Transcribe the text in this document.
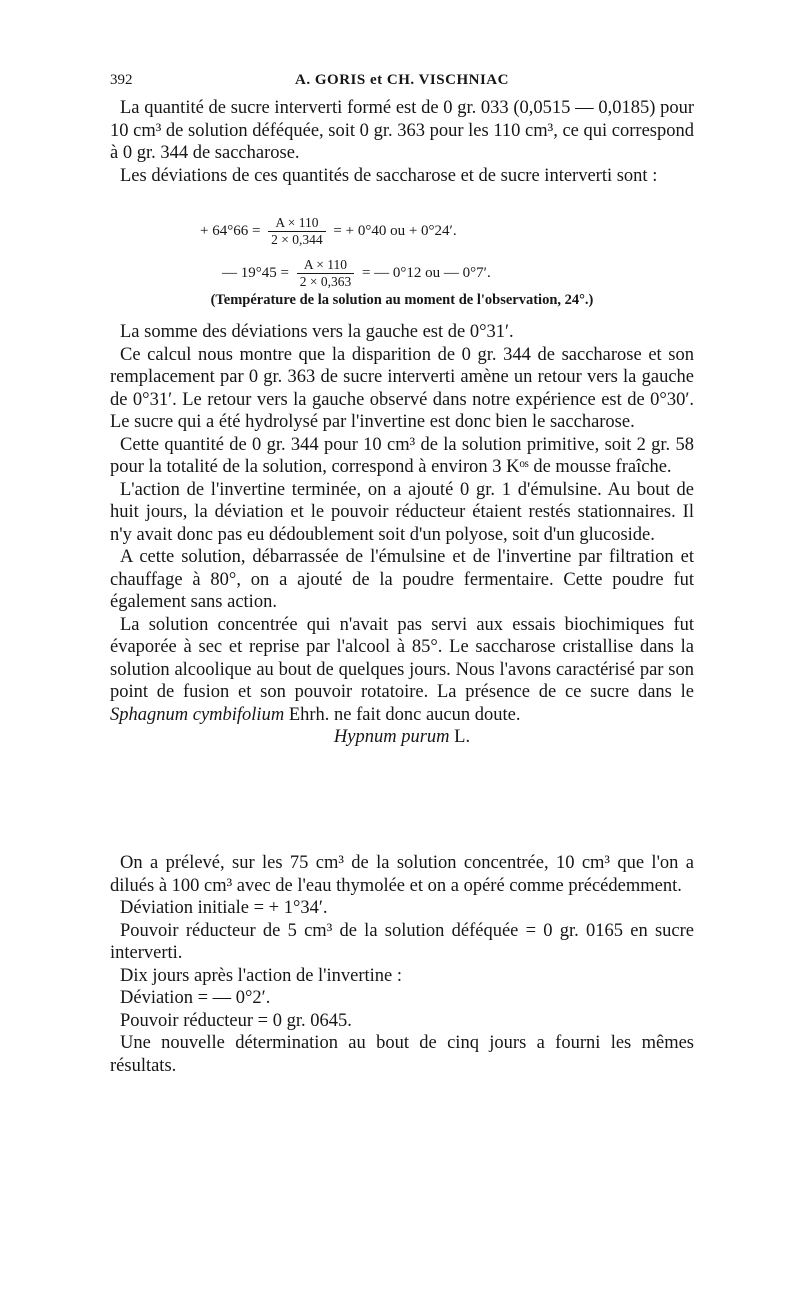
392	A. GORIS et CH. VISCHNIAC

La quantité de sucre interverti formé est de 0 gr. 033 (0,0515 — 0,0185) pour 10 cm³ de solution déféquée, soit 0 gr. 363 pour les 110 cm³, ce qui correspond à 0 gr. 344 de saccharose.

Les déviations de ces quantités de saccharose et de sucre interverti sont :

+ $64^\circ 66 = \frac{A \times 110}{2 \times 0,344}$ = + 0°40 ou + 0°24′.
— $19^\circ 45 = \frac{A \times 110}{2 \times 0,363}$ = — 0°12 ou — 0°7′.
(Température de la solution au moment de l'observation, 24°.)

La somme des déviations vers la gauche est de 0°31′.

Ce calcul nous montre que la disparition de 0 gr. 344 de saccharose et son remplacement par 0 gr. 363 de sucre interverti amène un retour vers la gauche de 0°31′. Le retour vers la gauche observé dans notre expérience est de 0°30′. Le sucre qui a été hydrolysé par l'invertine est donc bien le saccharose.

Cette quantité de 0 gr. 344 pour 10 cm³ de la solution primitive, soit 2 gr. 58 pour la totalité de la solution, correspond à environ 3 Kᵒˢ de mousse fraîche.

L'action de l'invertine terminée, on a ajouté 0 gr. 1 d'émulsine. Au bout de huit jours, la déviation et le pouvoir réducteur étaient restés stationnaires. Il n'y avait donc pas eu dédoublement soit d'un polyose, soit d'un glucoside.

A cette solution, débarrassée de l'émulsine et de l'invertine par filtration et chauffage à 80°, on a ajouté de la poudre fermentaire. Cette poudre fut également sans action.

La solution concentrée qui n'avait pas servi aux essais biochimiques fut évaporée à sec et reprise par l'alcool à 85°. Le saccharose cristallise dans la solution alcoolique au bout de quelques jours. Nous l'avons caractérisé par son point de fusion et son pouvoir rotatoire. La présence de ce sucre dans le Sphagnum cymbifolium Ehrh. ne fait donc aucun doute.

Hypnum purum L.

On a prélevé, sur les 75 cm³ de la solution concentrée, 10 cm³ que l'on a dilués à 100 cm³ avec de l'eau thymolée et on a opéré comme précédemment.

Déviation initiale = + 1°34′.

Pouvoir réducteur de 5 cm³ de la solution déféquée = 0 gr. 0165 en sucre interverti.

Dix jours après l'action de l'invertine :

Déviation = — 0°2′.

Pouvoir réducteur = 0 gr. 0645.

Une nouvelle détermination au bout de cinq jours a fourni les mêmes résultats.
